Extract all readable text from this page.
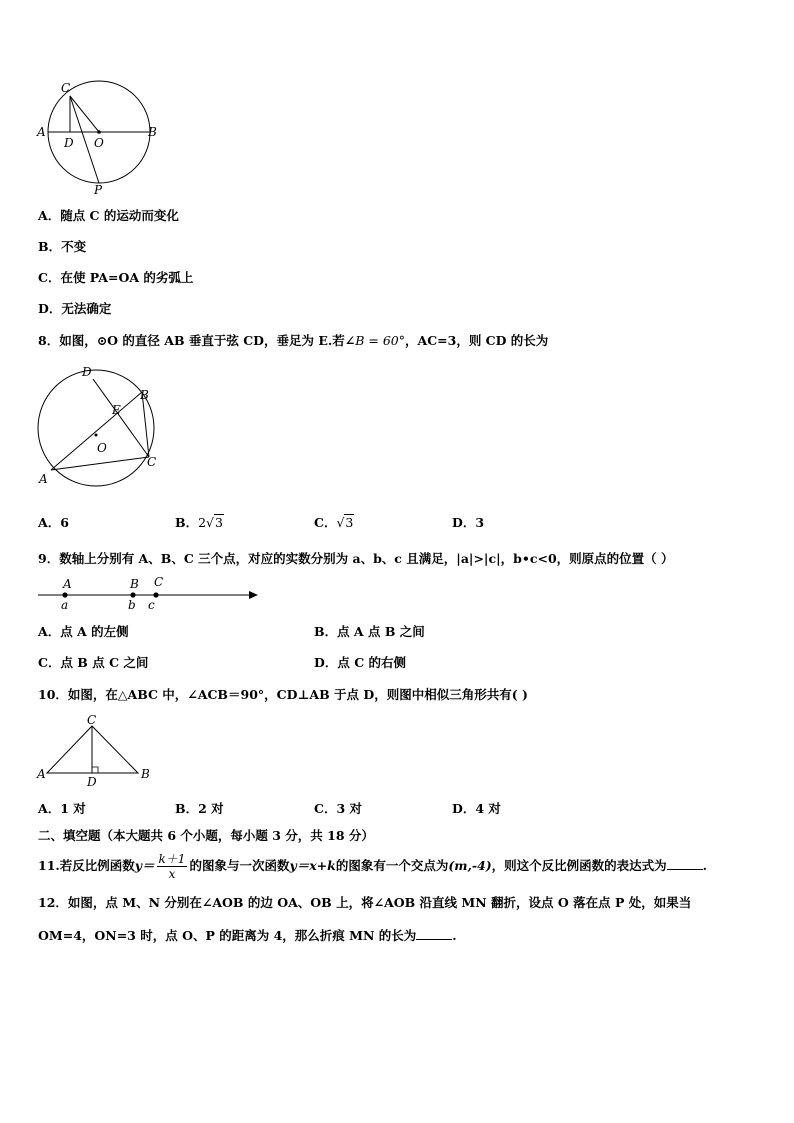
C
A	B
D O
P
A．随点 C 的运动而变化
B．不变
C．在使 PA=OA 的劣弧上
D．无法确定
8．如图，⊙O 的直径 AB 垂直于弦 CD，垂足为 E.若∠B = 60°，AC=3，则 CD 的长为
D
B
E
O
C
A
A．6	B．2√3	C．√3	D．3
9．数轴上分别有 A、B、C 三个点，对应的实数分别为 a、b、c 且满足，|a|>|c|，b•c<0，则原点的位置（ ）
A	B C
a	b c
A．点 A 的左侧	B．点 A 点 B 之间
C．点 B 点 C 之间	D．点 C 的右侧
10．如图，在△ABC 中，∠ACB＝90°，CD⊥AB 于点 D，则图中相似三角形共有( )
C
A
D
B
A．1 对	B．2 对	C．3 对	D．4 对
二、填空题（本大题共 6 个小题，每小题 3 分，共 18 分）
11.若反比例函数$y= \frac{k+1}{x}$ 的图象与一次函数y＝x+k的图象有一个交点为(m,-4)，则这个反比例函数的表达式为	.
12．如图，点 M、N 分别在∠AOB 的边 OA、OB 上，将∠AOB 沿直线 MN 翻折，设点 O 落在点 P 处，如果当
OM=4，ON=3 时，点 O、P 的距离为 4，那么折痕 MN 的长为	.
